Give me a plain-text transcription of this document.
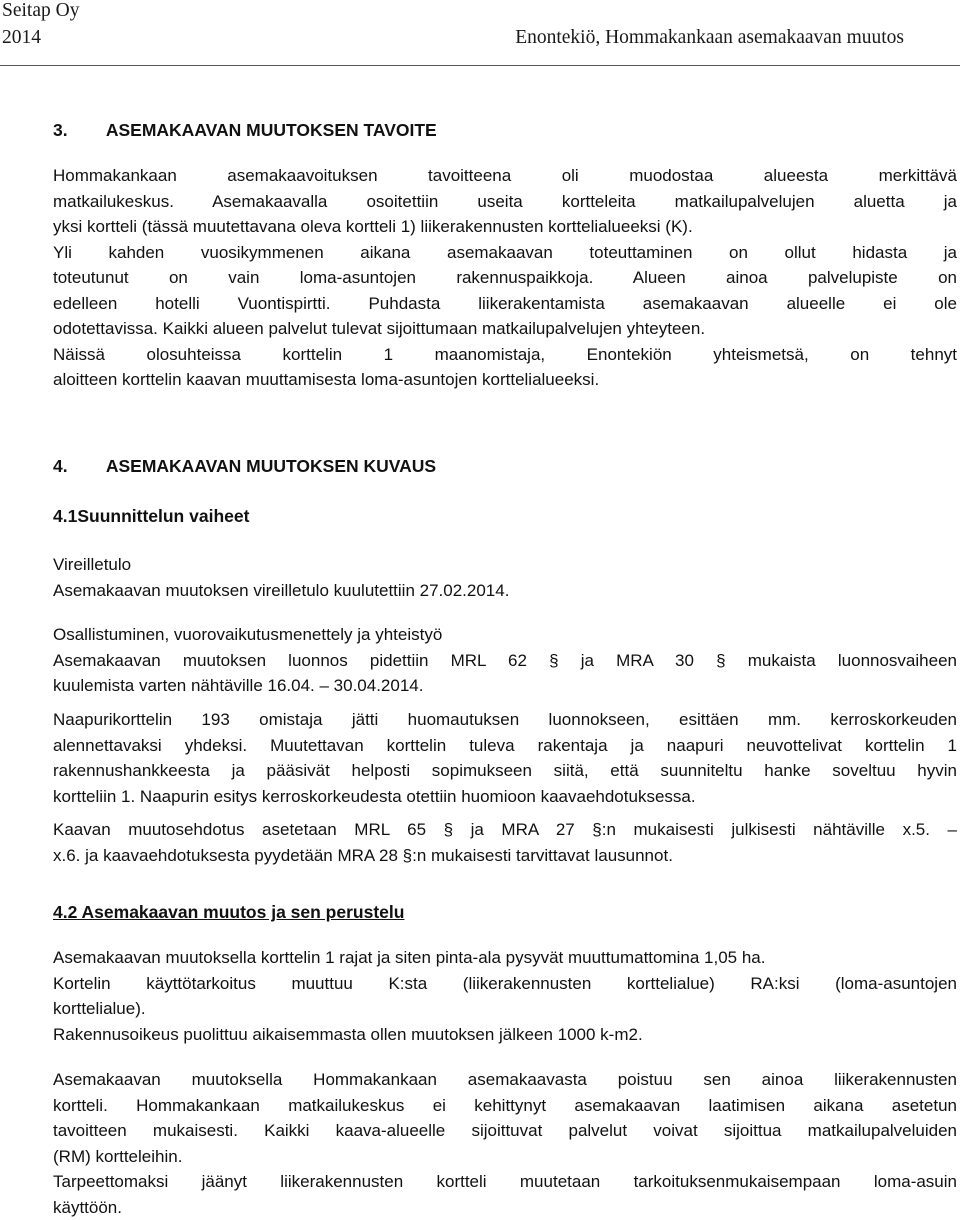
Seitap Oy
2014	Enontekiö, Hommakankaan asemakaavan muutos
3.        ASEMAKAAVAN MUUTOKSEN TAVOITE
Hommakankaan asemakaavoituksen tavoitteena oli muodostaa alueesta merkittävä
matkailukeskus. Asemakaavalla osoitettiin useita kortteleita matkailupalvelujen aluetta ja
yksi kortteli (tässä muutettavana oleva kortteli 1) liikerakennusten korttelialueeksi (K).
Yli kahden vuosikymmenen aikana asemakaavan toteuttaminen on ollut hidasta ja
toteutunut on vain loma-asuntojen rakennuspaikkoja. Alueen ainoa palvelupiste on
edelleen hotelli Vuontispirtti. Puhdasta liikerakentamista asemakaavan alueelle ei ole
odotettavissa. Kaikki alueen palvelut tulevat sijoittumaan matkailupalvelujen yhteyteen.
Näissä olosuhteissa korttelin 1 maanomistaja, Enontekiön yhteismetsä, on tehnyt
aloitteen korttelin kaavan muuttamisesta loma-asuntojen korttelialueeksi.
4.        ASEMAKAAVAN MUUTOKSEN KUVAUS
4.1Suunnittelun vaiheet
Vireilletulo
Asemakaavan muutoksen vireilletulo kuulutettiin 27.02.2014.
Osallistuminen, vuorovaikutusmenettely ja yhteistyö
Asemakaavan muutoksen luonnos pidettiin MRL 62 § ja MRA 30 § mukaista luonnosvaiheen
kuulemista varten nähtäville 16.04. – 30.04.2014.
Naapurikorttelin 193 omistaja jätti huomautuksen luonnokseen, esittäen mm. kerroskorkeuden
alennettavaksi yhdeksi. Muutettavan korttelin tuleva rakentaja ja naapuri neuvottelivat korttelin 1
rakennushankkeesta ja pääsivät helposti sopimukseen siitä, että suunniteltu hanke soveltuu hyvin
kortteliin 1. Naapurin esitys kerroskorkeudesta otettiin huomioon kaavaehdotuksessa.
Kaavan muutosehdotus asetetaan MRL 65 § ja MRA 27 §:n mukaisesti julkisesti nähtäville x.5. –
x.6. ja kaavaehdotuksesta pyydetään MRA 28 §:n mukaisesti tarvittavat lausunnot.
4.2 Asemakaavan muutos ja sen perustelu
Asemakaavan muutoksella korttelin 1 rajat ja siten pinta-ala pysyvät muuttumattomina 1,05 ha.
Kortelin käyttötarkoitus muuttuu K:sta (liikerakennusten korttelialue) RA:ksi (loma-asuntojen
korttelialue).
Rakennusoikeus puolittuu aikaisemmasta ollen muutoksen jälkeen 1000 k-m2.
Asemakaavan muutoksella Hommakankaan asemakaavasta poistuu sen ainoa liikerakennusten
kortteli. Hommakankaan matkailukeskus ei kehittynyt asemakaavan laatimisen aikana asetetun
tavoitteen mukaisesti. Kaikki kaava-alueelle sijoittuvat palvelut voivat sijoittua matkailupalveluiden
(RM) kortteleihin.
Tarpeettomaksi jäänyt liikerakennusten kortteli muutetaan tarkoituksenmukaisempaan loma-asuin
käyttöön.
